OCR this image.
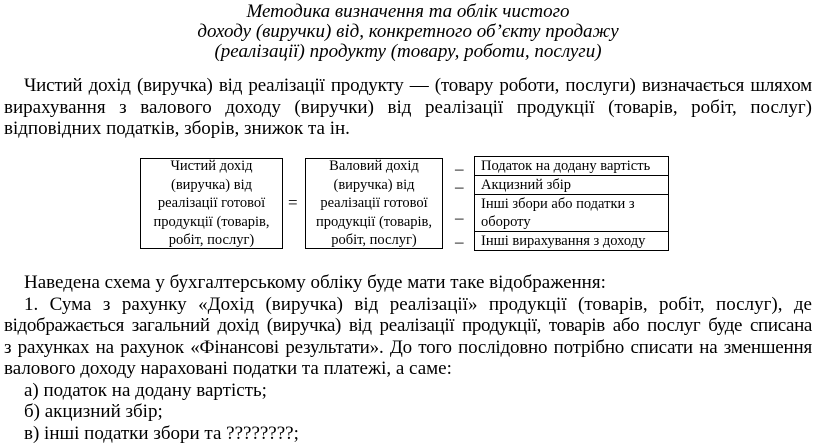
Методика визначення та облік чистого
доходу (виручки) від, конкретного об’єкту продажу
(реалізації) продукту (товару, роботи, послуги)
Чистий дохід (виручка) від реалізації продукту — (товару роботи, послуги) визначається шляхом
вирахування з валового доходу (виручки) від реалізації продукції (товарів, робіт, послуг)
відповідних податків, зборів, знижок та ін.
Чистий дохід
(виручка) від
реалізації готової
продукції (товарів,
робіт, послуг)
=
Валовий дохід
(виручка) від
реалізації готової
продукції (товарів,
робіт, послуг)
–
–
–
–
Податок на додану вартість
Акцизний збір
Інші збори або податки з
обороту
Інші вирахування з доходу
Наведена схема у бухгалтерському обліку буде мати таке відображення:
1. Сума з рахунку «Дохід (виручка) від реалізації» продукції (товарів, робіт, послуг), де
відображається загальний дохід (виручка) від реалізації продукції, товарів або послуг буде списана
з рахунках на рахунок «Фінансові результати». До того послідовно потрібно списати на зменшення
валового доходу нараховані податки та платежі, а саме:
а) податок на додану вартість;
б) акцизний збір;
в) інші податки збори та ????????;
